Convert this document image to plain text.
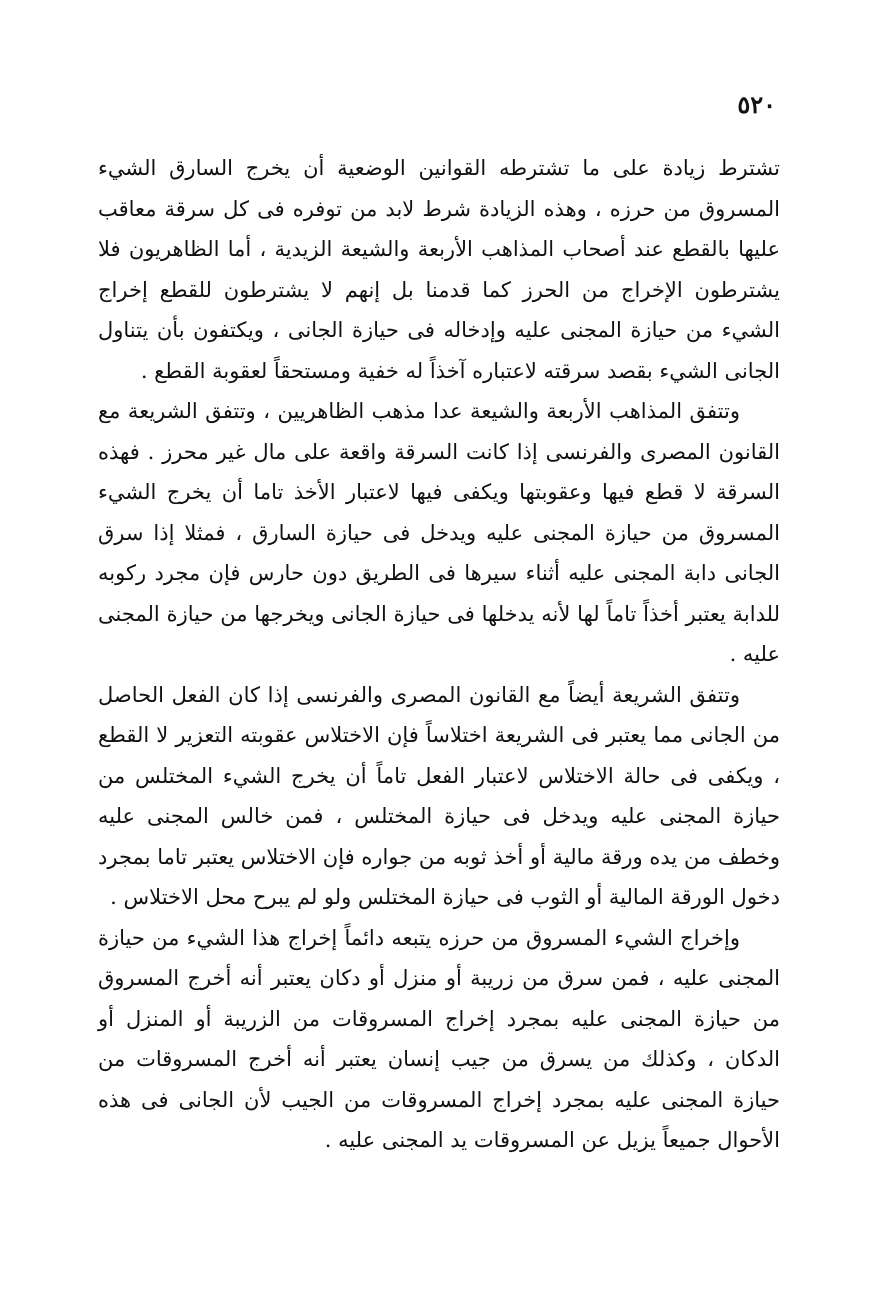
٥٢٠

تشترط زيادة على ما تشترطه القوانين الوضعية أن يخرج السارق الشيء المسروق من حرزه ، وهذه الزيادة شرط لابد من توفره فى كل سرقة معاقب عليها بالقطع عند أصحاب المذاهب الأربعة والشيعة الزيدية ، أما الظاهريون فلا يشترطون الإخراج من الحرز كما قدمنا بل إنهم لا يشترطون للقطع إخراج الشيء من حيازة المجنى عليه وإدخاله فى حيازة الجانى ، ويكتفون بأن يتناول الجانى الشيء بقصد سرقته لاعتباره آخذاً له خفية ومستحقاً لعقوبة القطع .

وتتفق المذاهب الأربعة والشيعة عدا مذهب الظاهريين ، وتتفق الشريعة مع القانون المصرى والفرنسى إذا كانت السرقة واقعة على مال غير محرز . فهذه السرقة لا قطع فيها وعقوبتها ويكفى فيها لاعتبار الأخذ تاما أن يخرج الشيء المسروق من حيازة المجنى عليه ويدخل فى حيازة السارق ، فمثلا إذا سرق الجانى دابة المجنى عليه أثناء سيرها فى الطريق دون حارس فإن مجرد ركوبه للدابة يعتبر أخذاً تاماً لها لأنه يدخلها فى حيازة الجانى ويخرجها من حيازة المجنى عليه .

وتتفق الشريعة أيضاً مع القانون المصرى والفرنسى إذا كان الفعل الحاصل من الجانى مما يعتبر فى الشريعة اختلاساً فإن الاختلاس عقوبته التعزير لا القطع ، ويكفى فى حالة الاختلاس لاعتبار الفعل تاماً أن يخرج الشيء المختلس من حيازة المجنى عليه ويدخل فى حيازة المختلس ، فمن خالس المجنى عليه وخطف من يده ورقة مالية أو أخذ ثوبه من جواره فإن الاختلاس يعتبر تاما بمجرد دخول الورقة المالية أو الثوب فى حيازة المختلس ولو لم يبرح محل الاختلاس .

وإخراج الشيء المسروق من حرزه يتبعه دائماً إخراج هذا الشيء من حيازة المجنى عليه ، فمن سرق من زريبة أو منزل أو دكان يعتبر أنه أخرج المسروق من حيازة المجنى عليه بمجرد إخراج المسروقات من الزريبة أو المنزل أو الدكان ، وكذلك من يسرق من جيب إنسان يعتبر أنه أخرج المسروقات من حيازة المجنى عليه بمجرد إخراج المسروقات من الجيب لأن الجانى فى هذه الأحوال جميعاً يزيل عن المسروقات يد المجنى عليه .
